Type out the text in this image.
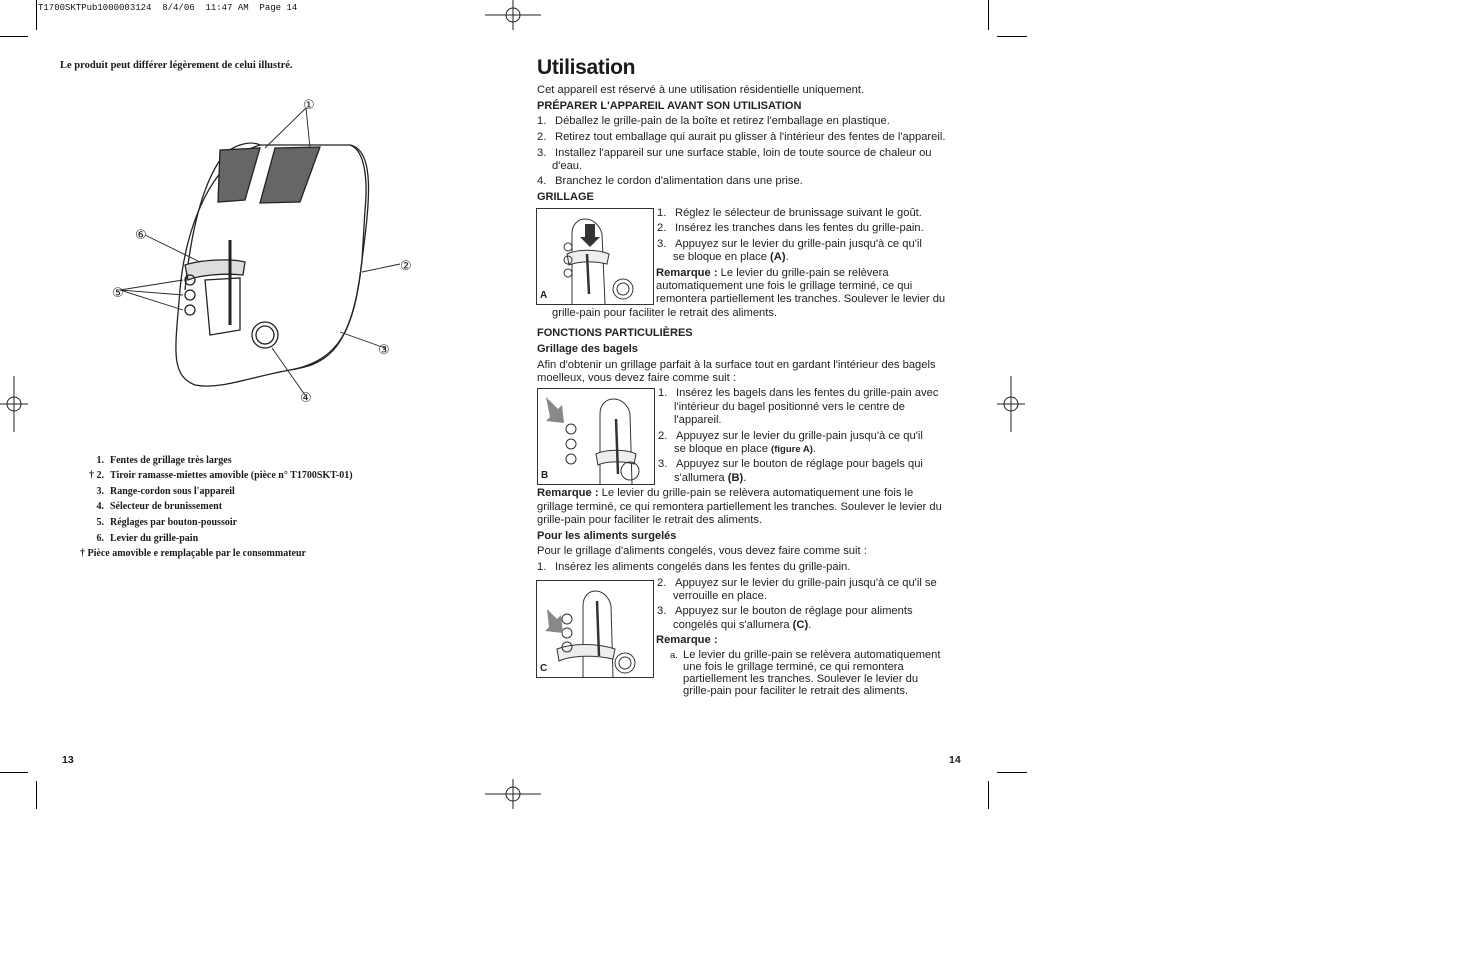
T1700SKTPub1000003124  8/4/06  11:47 AM  Page 14
Le produit peut différer légèrement de celui illustré.
①
②
③
④
⑤
⑥
1. Fentes de grillage très larges
† 2. Tiroir ramasse-miettes amovible (pièce n° T1700SKT-01)
3. Range-cordon sous l'appareil
4. Sélecteur de brunissement
5. Réglages par bouton-poussoir
6. Levier du grille-pain
† Pièce amovible e remplaçable par le consommateur
13
Utilisation
Cet appareil est réservé à une utilisation résidentielle uniquement.
PRÉPARER L'APPAREIL AVANT SON UTILISATION
1. Déballez le grille-pain de la boîte et retirez l'emballage en plastique.
2. Retirez tout emballage qui aurait pu glisser à l'intérieur des fentes de l'appareil.
3. Installez l'appareil sur une surface stable, loin de toute source de chaleur ou
d'eau.
4. Branchez le cordon d'alimentation dans une prise.
GRILLAGE
A
1. Réglez le sélecteur de brunissage suivant le goût.
2. Insérez les tranches dans les fentes du grille-pain.
3. Appuyez sur le levier du grille-pain jusqu'à ce qu'il
se bloque en place (A).
Remarque : Le levier du grille-pain se relèvera
automatiquement une fois le grillage terminé, ce qui
remontera partiellement les tranches. Soulever le levier du
grille-pain pour faciliter le retrait des aliments.
FONCTIONS PARTICULIÈRES
Grillage des bagels
Afin d'obtenir un grillage parfait à la surface tout en gardant l'intérieur des bagels
moelleux, vous devez faire comme suit :
B
1. Insérez les bagels dans les fentes du grille-pain avec
l'intérieur du bagel positionné vers le centre de
l'appareil.
2. Appuyez sur le levier du grille-pain jusqu'à ce qu'il
se bloque en place (figure A).
3. Appuyez sur le bouton de réglage pour bagels qui
s'allumera (B).
Remarque : Le levier du grille-pain se relèvera automatiquement une fois le
grillage terminé, ce qui remontera partiellement les tranches. Soulever le levier du
grille-pain pour faciliter le retrait des aliments.
Pour les aliments surgelés
Pour le grillage d'aliments congelés, vous devez faire comme suit :
1. Insérez les aliments congelés dans les fentes du grille-pain.
C
2. Appuyez sur le levier du grille-pain jusqu'à ce qu'il se
verrouille en place.
3. Appuyez sur le bouton de réglage pour aliments
congelés qui s'allumera (C).
Remarque :
a. Le levier du grille-pain se relèvera automatiquement
une fois le grillage terminé, ce qui remontera
partiellement les tranches. Soulever le levier du
grille-pain pour faciliter le retrait des aliments.
14
